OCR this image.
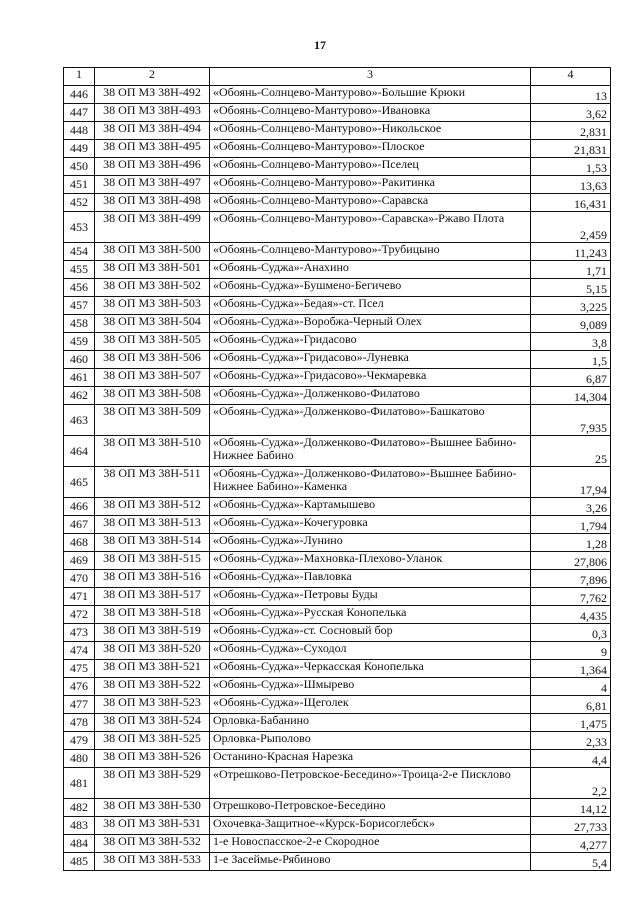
17
1	2	3	4
446	38 ОП МЗ 38Н-492	«Обоянь-Солнцево-Мантурово»-Большие Крюки	13
447	38 ОП МЗ 38Н-493	«Обоянь-Солнцево-Мантурово»-Ивановка	3,62
448	38 ОП МЗ 38Н-494	«Обоянь-Солнцево-Мантурово»-Никольское	2,831
449	38 ОП МЗ 38Н-495	«Обоянь-Солнцево-Мантурово»-Плоское	21,831
450	38 ОП МЗ 38Н-496	«Обоянь-Солнцево-Мантурово»-Пселец	1,53
451	38 ОП МЗ 38Н-497	«Обоянь-Солнцево-Мантурово»-Ракитинка	13,63
452	38 ОП МЗ 38Н-498	«Обоянь-Солнцево-Мантурово»-Саравска	16,431
453	38 ОП МЗ 38Н-499	«Обоянь-Солнцево-Мантурово»-Саравска»-Ржаво Плота	2,459
454	38 ОП МЗ 38Н-500	«Обоянь-Солнцево-Мантурово»-Трубицыно	11,243
455	38 ОП МЗ 38Н-501	«Обоянь-Суджа»-Анахино	1,71
456	38 ОП МЗ 38Н-502	«Обоянь-Суджа»-Бушмено-Бегичево	5,15
457	38 ОП МЗ 38Н-503	«Обоянь-Суджа»-Бедая»-ст. Псел	3,225
458	38 ОП МЗ 38Н-504	«Обоянь-Суджа»-Воробжа-Черный Олех	9,089
459	38 ОП МЗ 38Н-505	«Обоянь-Суджа»-Гридасово	3,8
460	38 ОП МЗ 38Н-506	«Обоянь-Суджа»-Гридасово»-Луневка	1,5
461	38 ОП МЗ 38Н-507	«Обоянь-Суджа»-Гридасово»-Чекмаревка	6,87
462	38 ОП МЗ 38Н-508	«Обоянь-Суджа»-Долженково-Филатово	14,304
463	38 ОП МЗ 38Н-509	«Обоянь-Суджа»-Долженково-Филатово»-Башкатово	7,935
464	38 ОП МЗ 38Н-510	«Обоянь-Суджа»-Долженково-Филатово»-Вышнее Бабино-Нижнее Бабино	25
465	38 ОП МЗ 38Н-511	«Обоянь-Суджа»-Долженково-Филатово»-Вышнее Бабино-Нижнее Бабино»-Каменка	17,94
466	38 ОП МЗ 38Н-512	«Обоянь-Суджа»-Картамышево	3,26
467	38 ОП МЗ 38Н-513	«Обоянь-Суджа»-Кочегуровка	1,794
468	38 ОП МЗ 38Н-514	«Обоянь-Суджа»-Лунино	1,28
469	38 ОП МЗ 38Н-515	«Обоянь-Суджа»-Махновка-Плехово-Уланок	27,806
470	38 ОП МЗ 38Н-516	«Обоянь-Суджа»-Павловка	7,896
471	38 ОП МЗ 38Н-517	«Обоянь-Суджа»-Петровы Буды	7,762
472	38 ОП МЗ 38Н-518	«Обоянь-Суджа»-Русская Конопелька	4,435
473	38 ОП МЗ 38Н-519	«Обоянь-Суджа»-ст. Сосновый бор	0,3
474	38 ОП МЗ 38Н-520	«Обоянь-Суджа»-Суходол	9
475	38 ОП МЗ 38Н-521	«Обоянь-Суджа»-Черкасская Конопелька	1,364
476	38 ОП МЗ 38Н-522	«Обоянь-Суджа»-Шмырево	4
477	38 ОП МЗ 38Н-523	«Обоянь-Суджа»-Щеголек	6,81
478	38 ОП МЗ 38Н-524	Орловка-Бабанино	1,475
479	38 ОП МЗ 38Н-525	Орловка-Рыполово	2,33
480	38 ОП МЗ 38Н-526	Останино-Красная Нарезка	4,4
481	38 ОП МЗ 38Н-529	«Отрешково-Петровское-Беседино»-Троица-2-е Писклово	2,2
482	38 ОП МЗ 38Н-530	Отрешково-Петровское-Беседино	14,12
483	38 ОП МЗ 38Н-531	Охочевка-Защитное-«Курск-Борисоглебск»	27,733
484	38 ОП МЗ 38Н-532	1-е Новоспасское-2-е Скородное	4,277
485	38 ОП МЗ 38Н-533	1-е Засеймье-Рябиново	5,4
